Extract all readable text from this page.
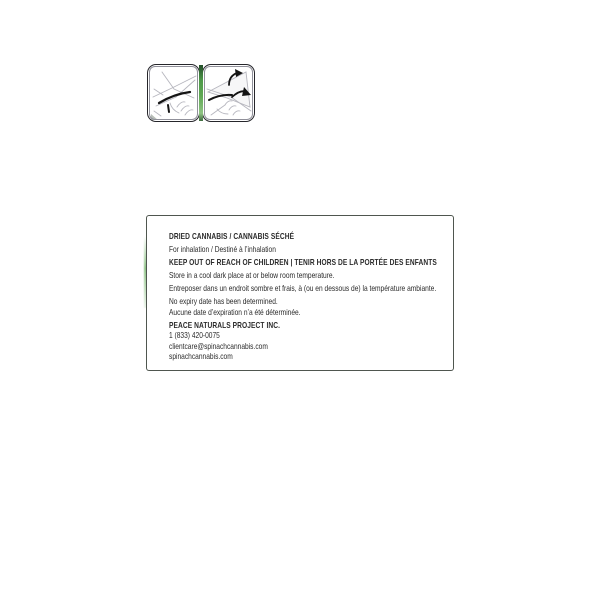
DRIED CANNABIS / CANNABIS SÉCHÉ

For inhalation / Destiné à l’inhalation

KEEP OUT OF REACH OF CHILDREN | TENIR HORS DE LA PORTÉE DES ENFANTS

Store in a cool dark place at or below room temperature.

Entreposer dans un endroit sombre et frais, à (ou en dessous de) la température ambiante.

No expiry date has been determined.

Aucune date d’expiration n’a été déterminée.

PEACE NATURALS PROJECT INC.

1 (833) 420-0075

clientcare@spinachcannabis.com

spinachcannabis.com
